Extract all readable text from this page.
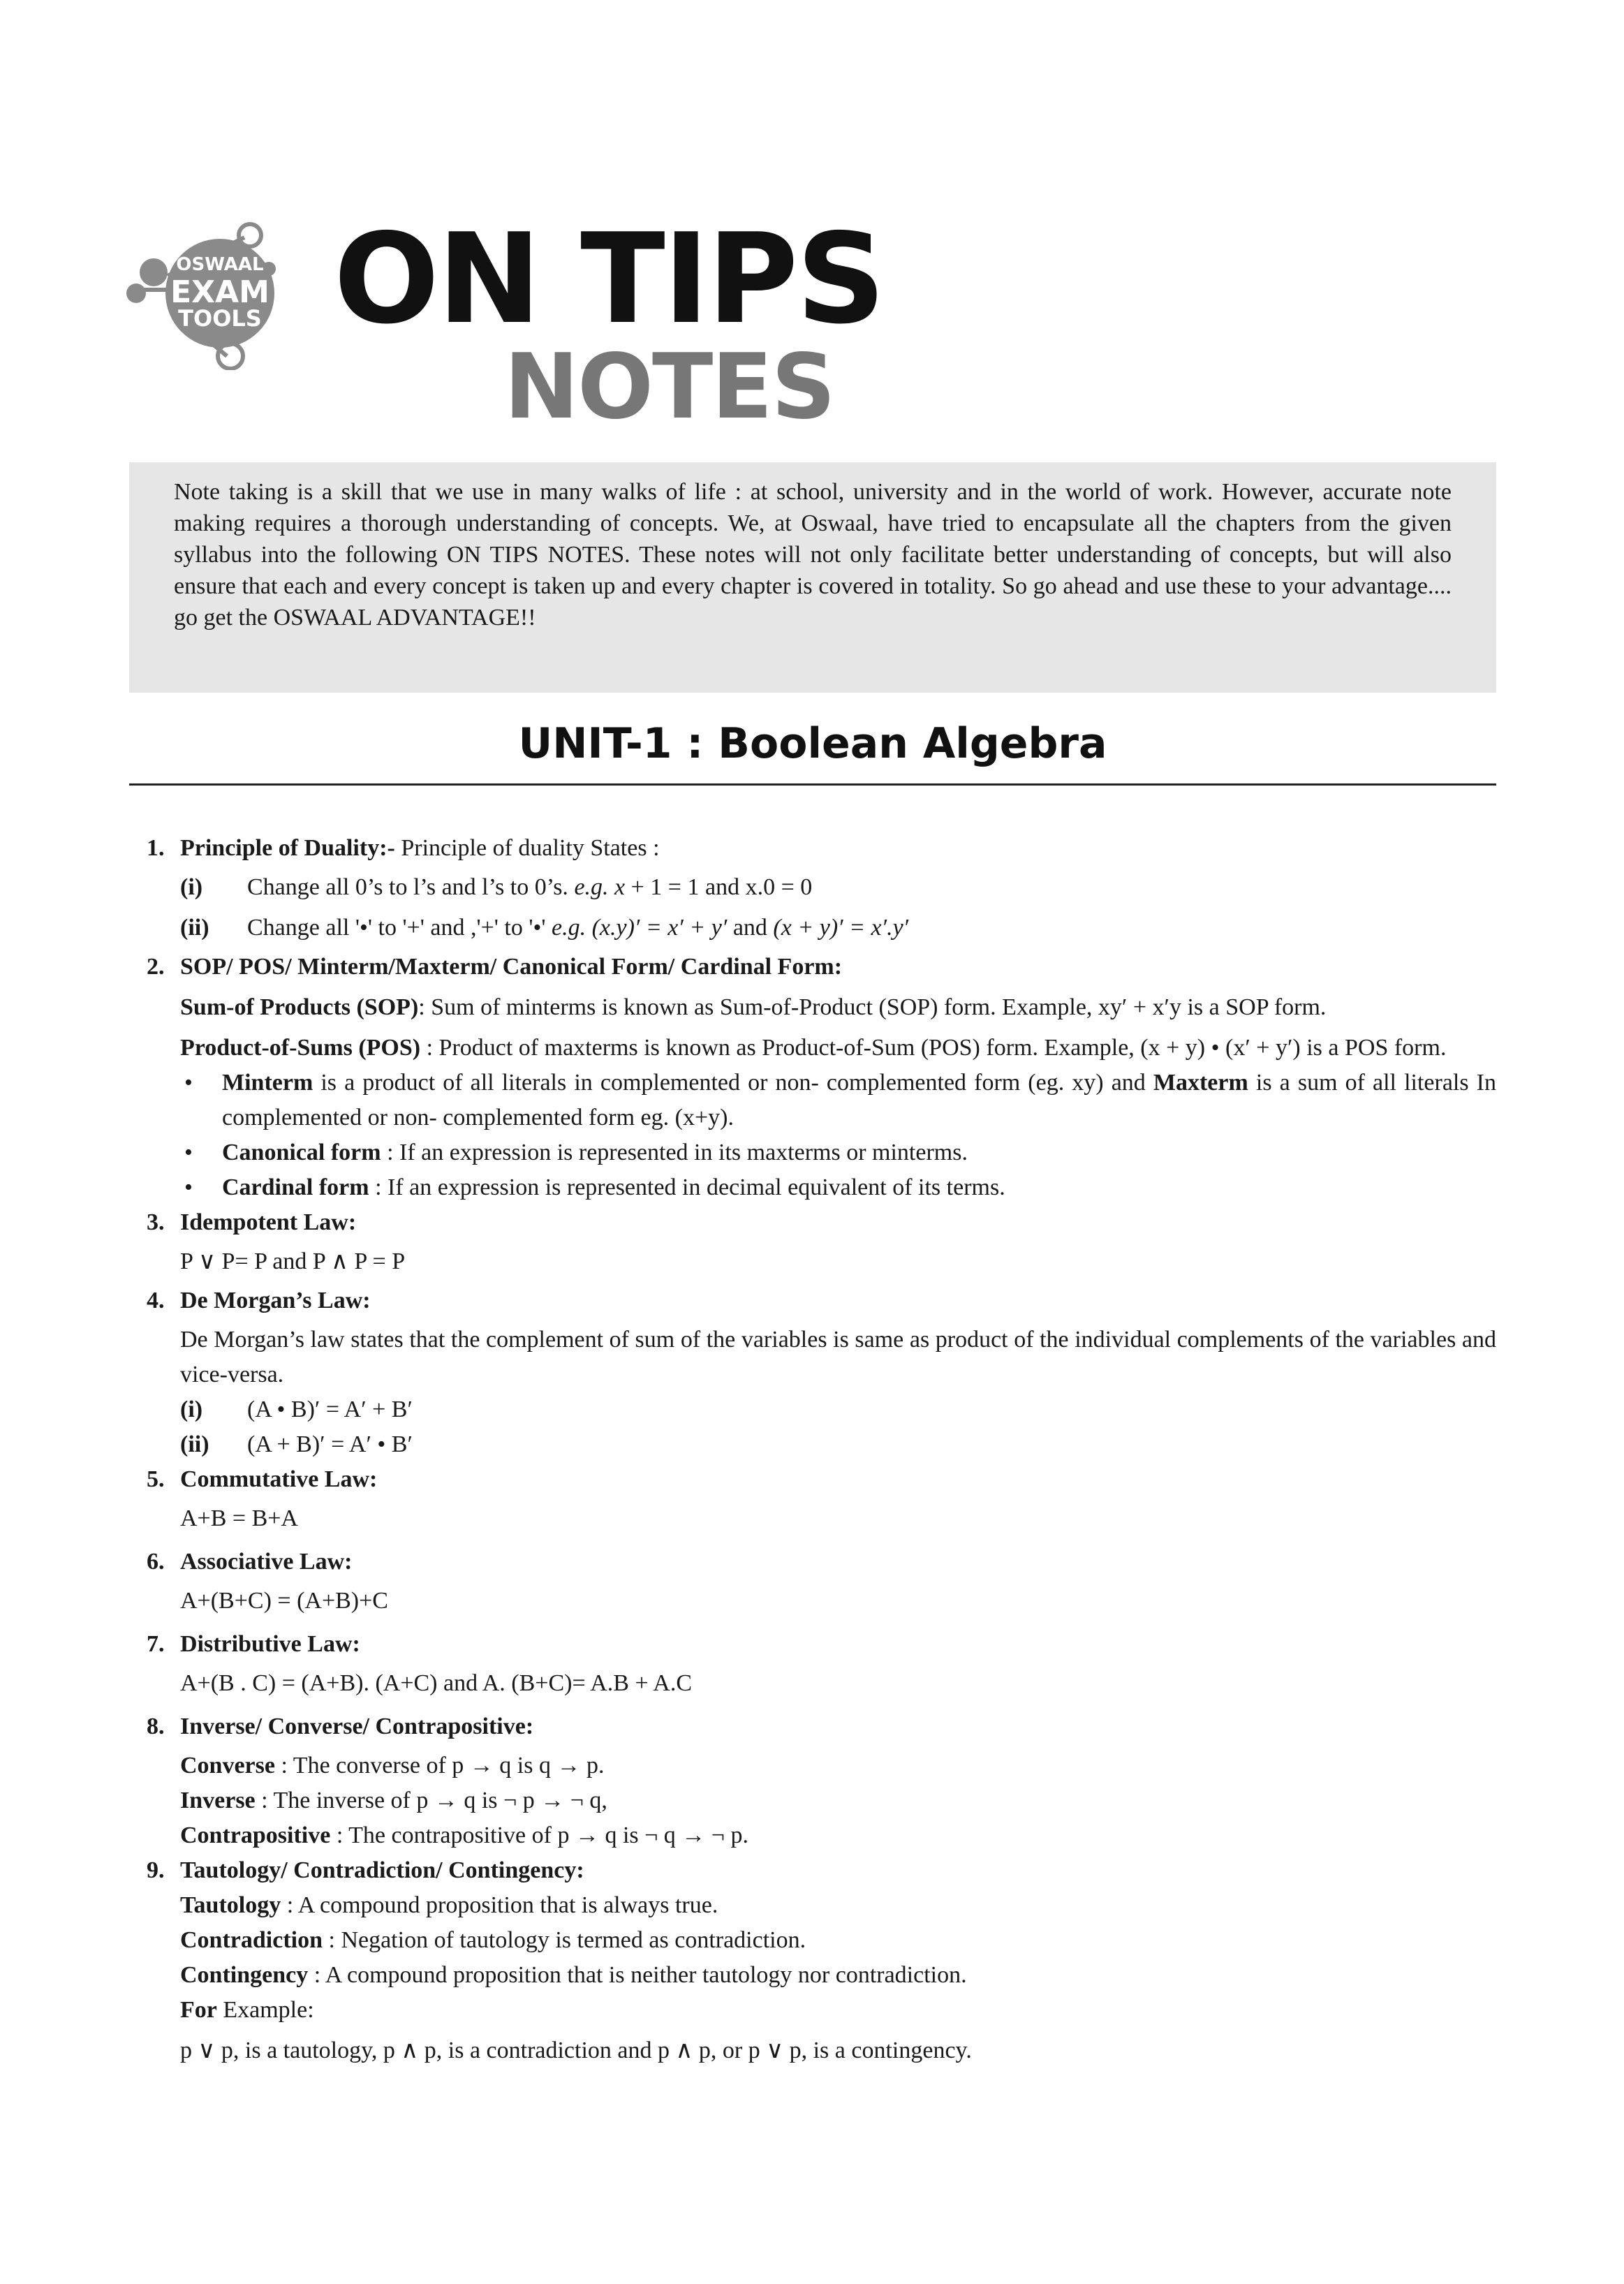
OSWAAL
EXAM
TOOLS ON TIPS
NOTES

Note taking is a skill that we use in many walks of life : at school, university and in the world of work. However, accurate note making requires a thorough understanding of concepts. We, at Oswaal, have tried to encapsulate all the chapters from the given syllabus into the following ON TIPS NOTES. These notes will not only facilitate better understanding of concepts, but will also ensure that each and every concept is taken up and every chapter is covered in totality. So go ahead and use these to your advantage.... go get the OSWAAL ADVANTAGE!!

UNIT-1 : Boolean Algebra
1. Principle of Duality:- Principle of duality States :
(i) Change all 0’s to l’s and l’s to 0’s. e.g. x + 1 = 1 and x.0 = 0
(ii) Change all '•' to '+' and ,'+' to '•' e.g. (x.y)′ = x′ + y′ and (x + y)′ = x′.y′
2. SOP/ POS/ Minterm/Maxterm/ Canonical Form/ Cardinal Form:

Sum-of Products (SOP): Sum of minterms is known as Sum-of-Product (SOP) form. Example, xy′ + x′y is a SOP form.

Product-of-Sums (POS) : Product of maxterms is known as Product-of-Sum (POS) form. Example, (x + y) • (x′ + y′) is a POS form.

• Minterm is a product of all literals in complemented or non- complemented form (eg. xy) and Maxterm is a sum of all literals In complemented or non- complemented form eg. (x+y).
• Canonical form : If an expression is represented in its maxterms or minterms.
• Cardinal form : If an expression is represented in decimal equivalent of its terms.
3. Idempotent Law:
P ∨ P= P and P ∧ P = P
4. De Morgan’s Law:

De Morgan’s law states that the complement of sum of the variables is same as product of the individual complements of the variables and vice-versa.

(i) (A • B)′ = A′ + B′
(ii) (A + B)′ = A′ • B′
5. Commutative Law:
A+B = B+A
6. Associative Law:
A+(B+C) = (A+B)+C
7. Distributive Law:
A+(B . C) = (A+B). (A+C) and A. (B+C)= A.B + A.C
8. Inverse/ Converse/ Contrapositive:
Converse : The converse of p → q is q → p.
Inverse : The inverse of p → q is ¬ p → ¬ q,
Contrapositive : The contrapositive of p → q is ¬ q → ¬ p.
9. Tautology/ Contradiction/ Contingency:
Tautology : A compound proposition that is always true.
Contradiction : Negation of tautology is termed as contradiction.
Contingency : A compound proposition that is neither tautology nor contradiction.
For Example:
p ∨ p, is a tautology, p ∧ p, is a contradiction and p ∧ p, or p ∨ p, is a contingency.
